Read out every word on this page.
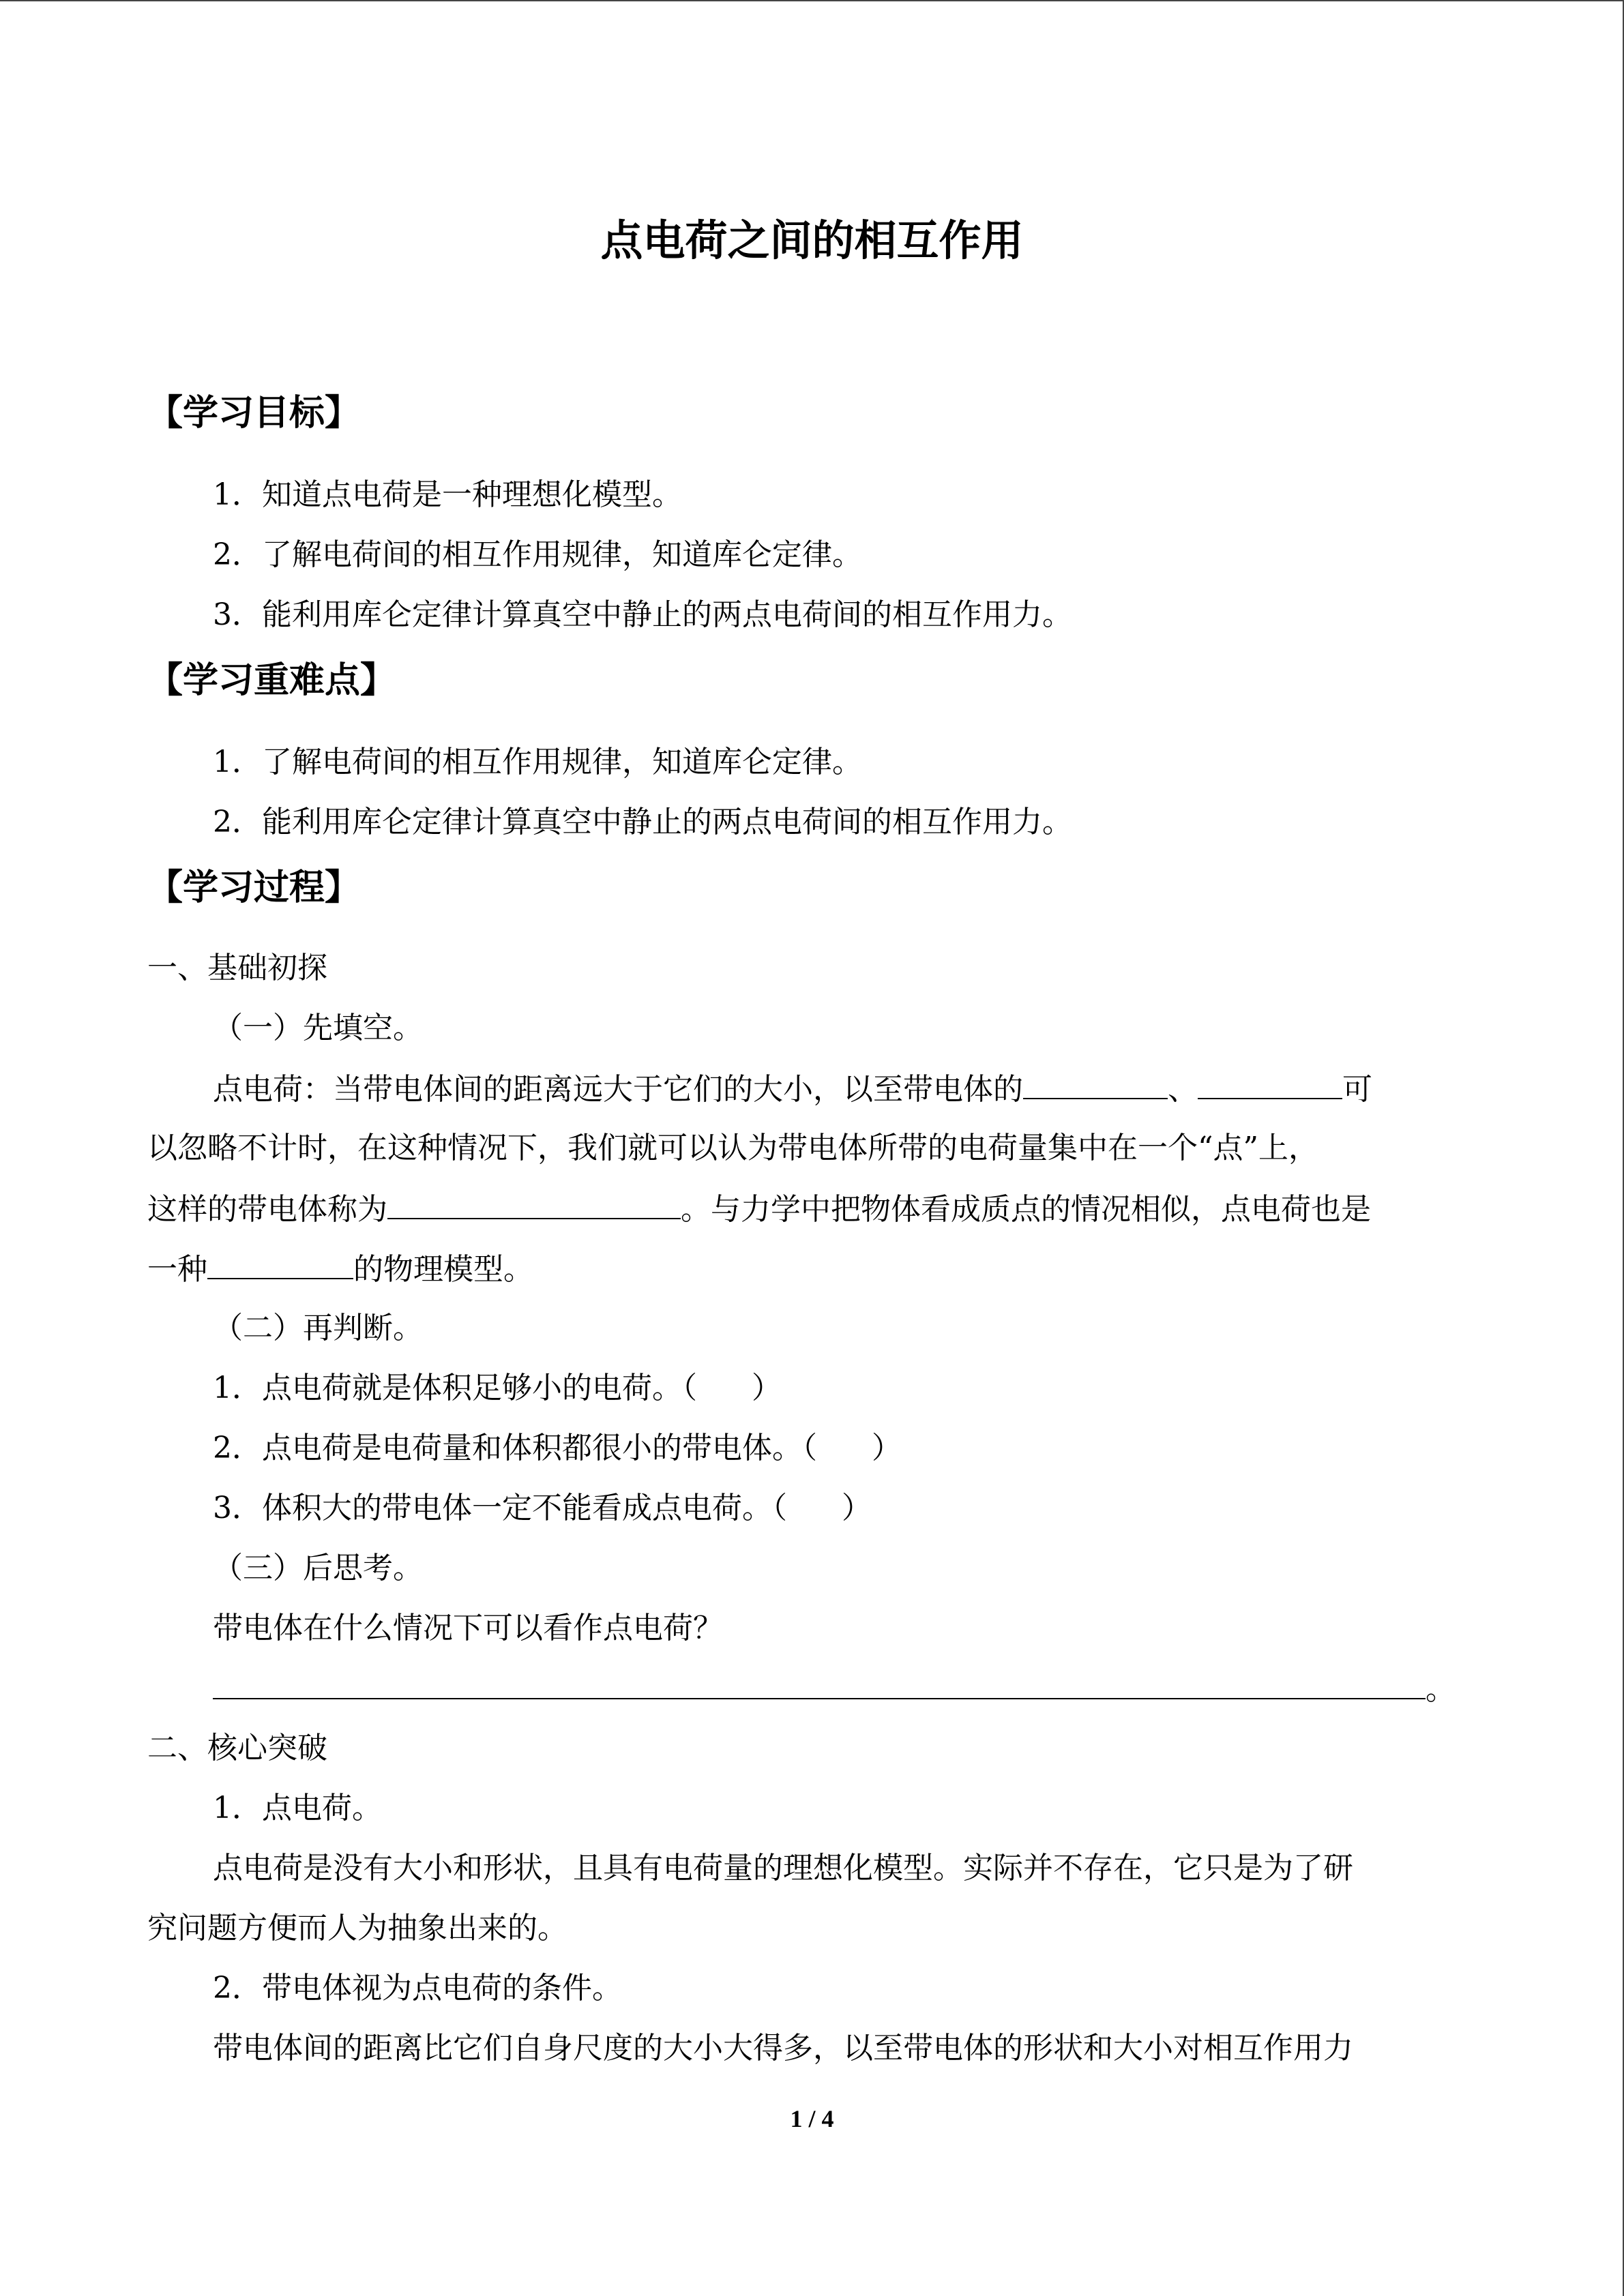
点电荷之间的相互作用
【学习目标】
1．知道点电荷是一种理想化模型。
2．了解电荷间的相互作用规律，知道库仑定律。
3．能利用库仑定律计算真空中静止的两点电荷间的相互作用力。
【学习重难点】
1．了解电荷间的相互作用规律，知道库仑定律。
2．能利用库仑定律计算真空中静止的两点电荷间的相互作用力。
【学习过程】
一、基础初探
（一）先填空。
点电荷：当带电体间的距离远大于它们的大小，以至带电体的	、	可
以忽略不计时，在这种情况下，我们就可以认为带电体所带的电荷量集中在一个“点”上，
这样的带电体称为	。与力学中把物体看成质点的情况相似，点电荷也是
一种	的物理模型。
（二）再判断。
1．点电荷就是体积足够小的电荷。（ ）
2．点电荷是电荷量和体积都很小的带电体。（ ）
3．体积大的带电体一定不能看成点电荷。（ ）
（三）后思考。
带电体在什么情况下可以看作点电荷？
。
二、核心突破
1．点电荷。
点电荷是没有大小和形状，且具有电荷量的理想化模型。实际并不存在，它只是为了研
究问题方便而人为抽象出来的。
2．带电体视为点电荷的条件。
带电体间的距离比它们自身尺度的大小大得多，以至带电体的形状和大小对相互作用力
1 / 4
